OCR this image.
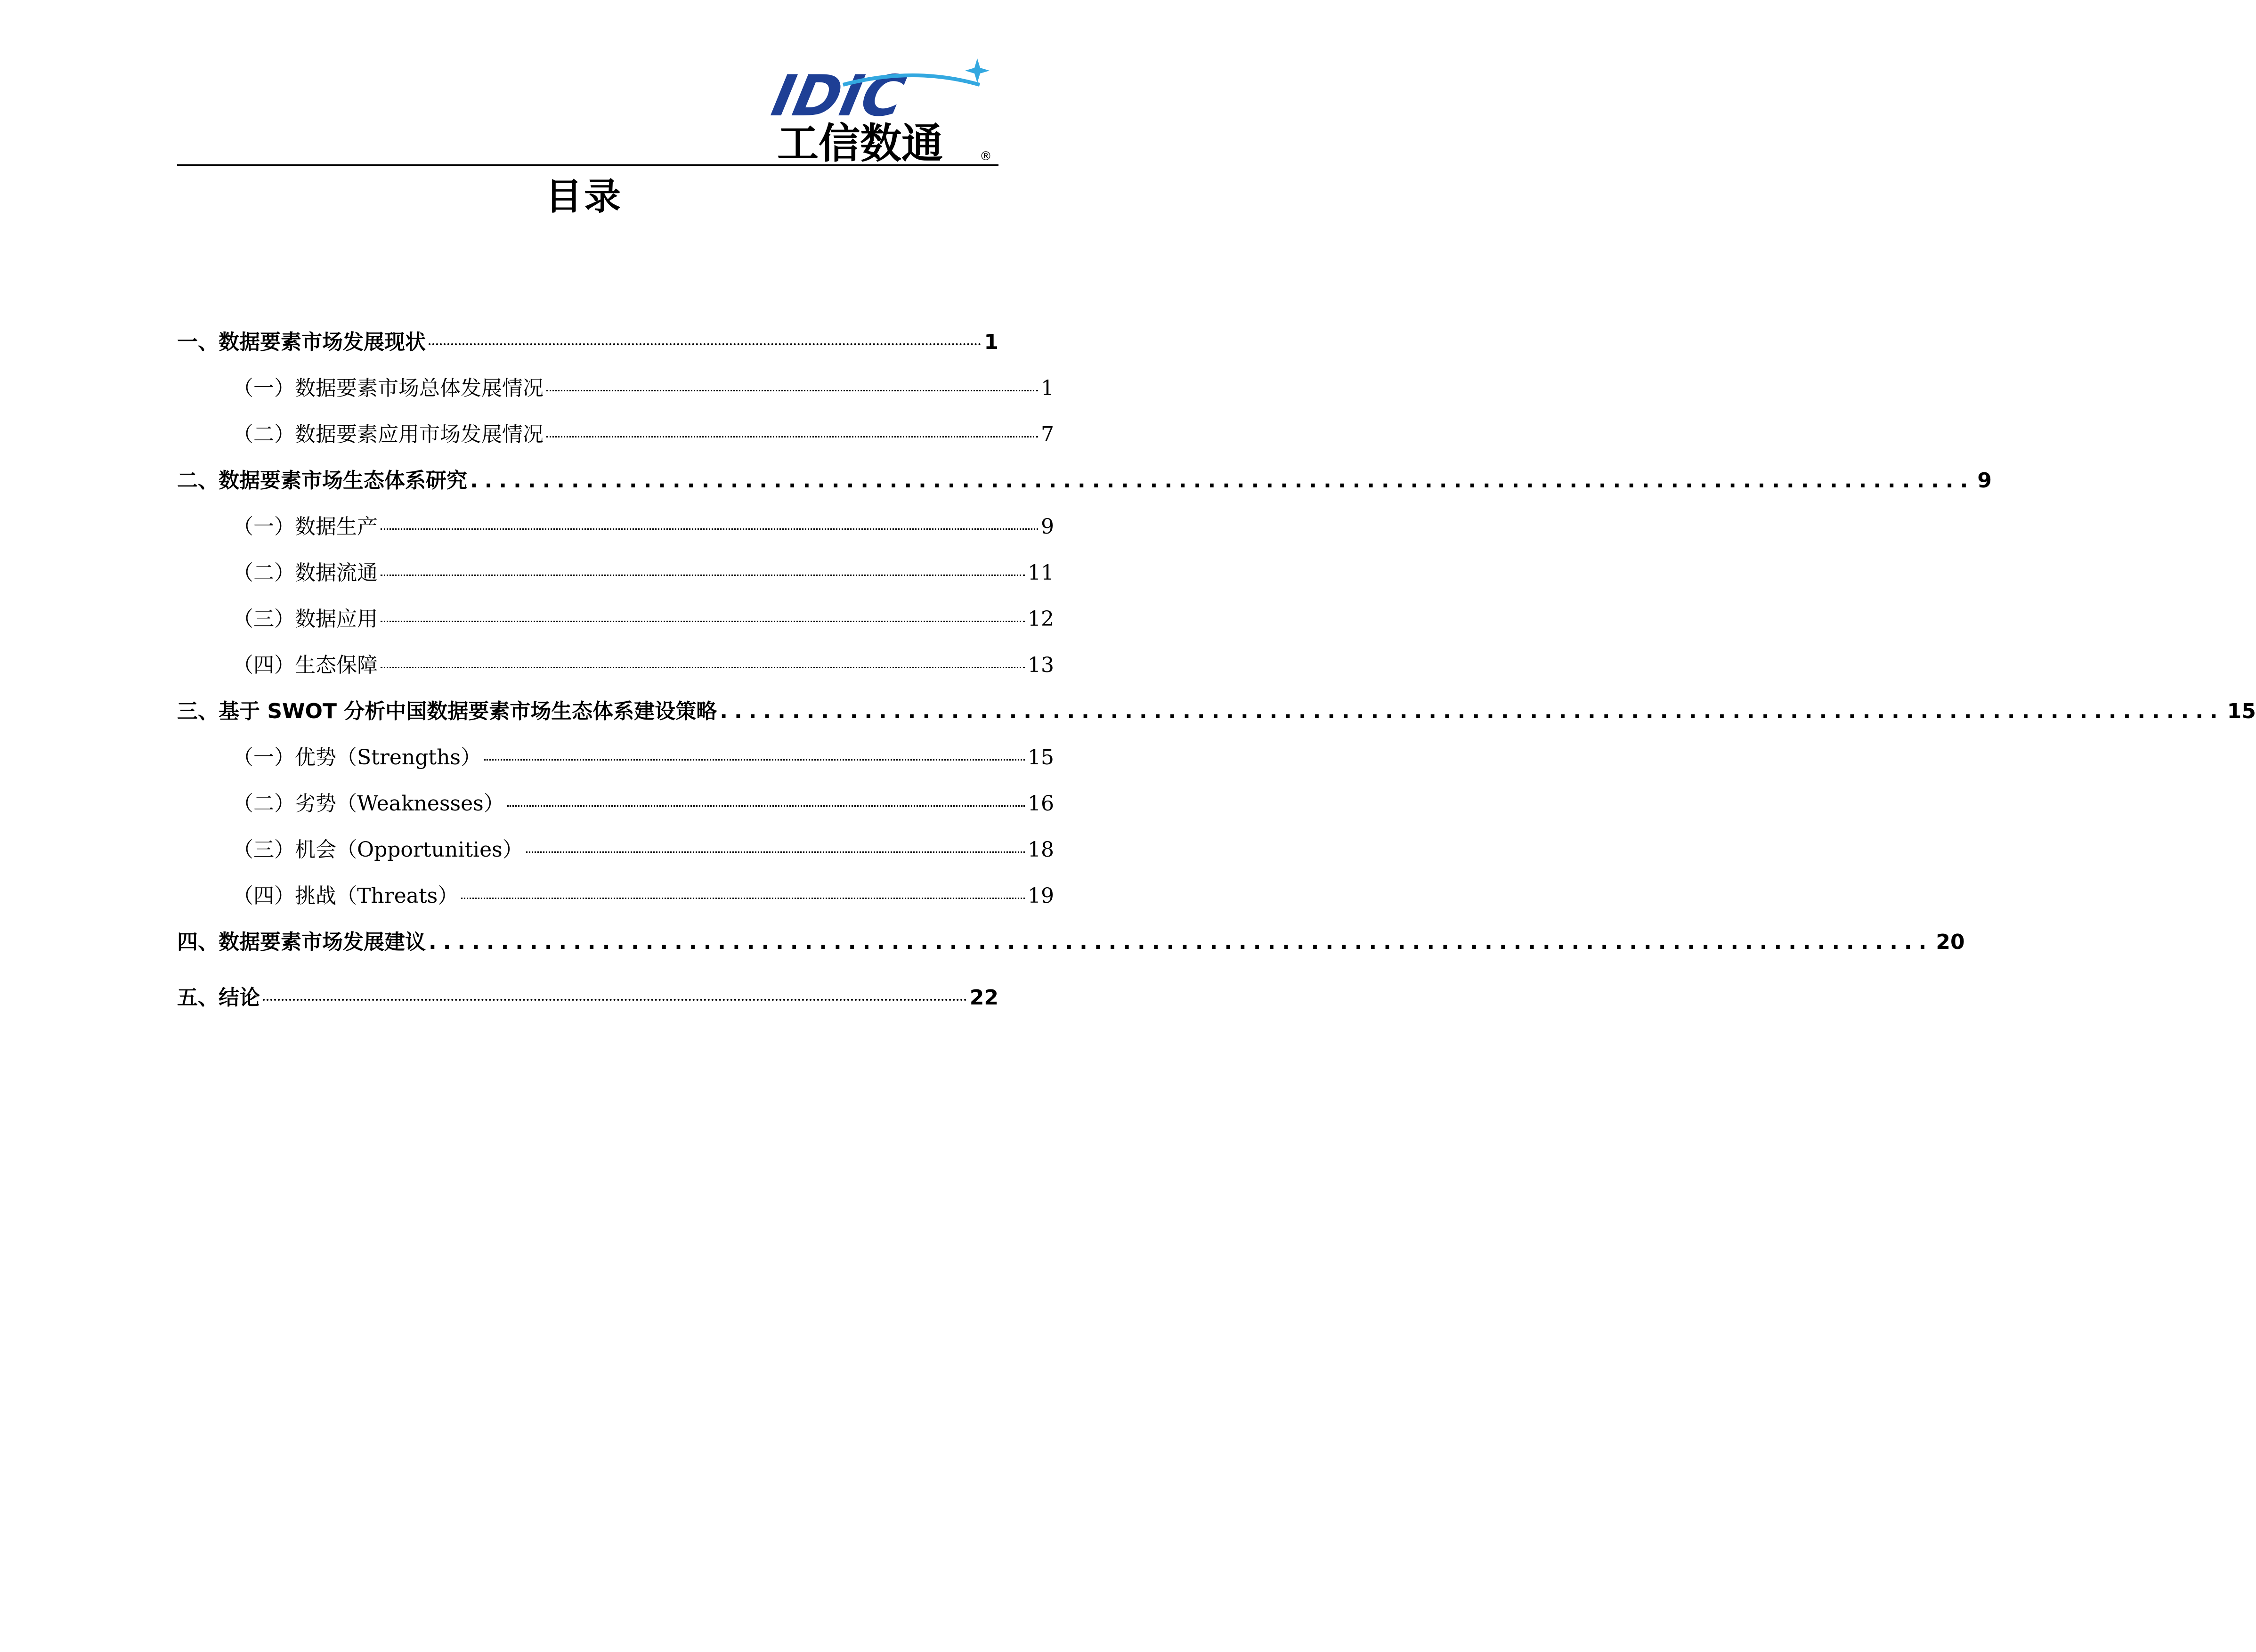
IDIC
工信数通	®
目录
一、数据要素市场发展现状	1
（一）数据要素市场总体发展情况	1
（二）数据要素应用市场发展情况	7
二、数据要素市场生态体系研究 ........................................................................................................ 9
（一）数据生产	9
（二）数据流通	11
（三）数据应用	12
（四）生态保障	13
三、基于 SWOT 分析中国数据要素市场生态体系建设策略 ........................................................................................................ 15
（一）优势（Strengths）	15
（二）劣势（Weaknesses）	16
（三）机会（Opportunities）	18
（四）挑战（Threats）	19
四、数据要素市场发展建议 ........................................................................................................ 20
五、结论	22
